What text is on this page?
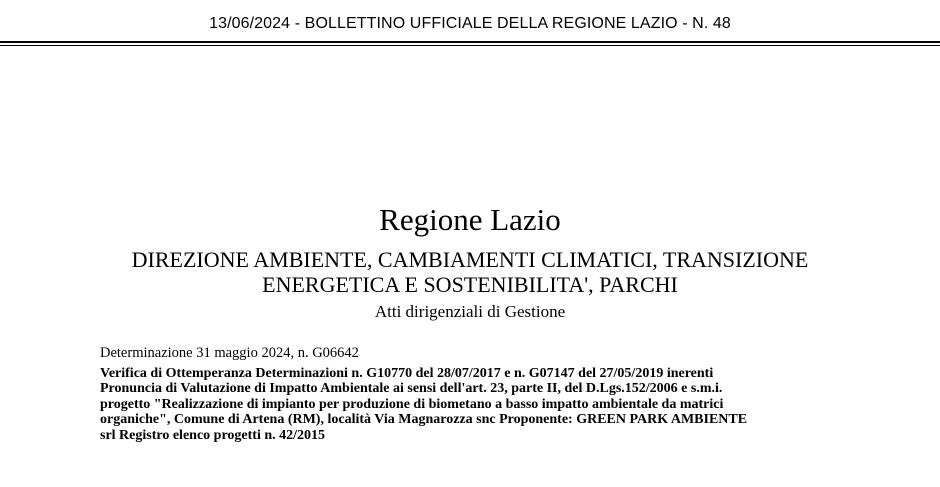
13/06/2024 - BOLLETTINO UFFICIALE DELLA REGIONE LAZIO - N. 48
Regione Lazio
DIREZIONE AMBIENTE, CAMBIAMENTI CLIMATICI, TRANSIZIONE
ENERGETICA E SOSTENIBILITA', PARCHI
Atti dirigenziali di Gestione
Determinazione 31 maggio 2024, n. G06642
Verifica di Ottemperanza Determinazioni n. G10770 del 28/07/2017 e n. G07147 del 27/05/2019 inerenti
Pronuncia di Valutazione di Impatto Ambientale ai sensi dell'art. 23, parte II, del D.Lgs.152/2006 e s.m.i.
progetto "Realizzazione di impianto per produzione di biometano a basso impatto ambientale da matrici
organiche", Comune di Artena (RM), località Via Magnarozza snc Proponente: GREEN PARK AMBIENTE
srl Registro elenco progetti n. 42/2015
